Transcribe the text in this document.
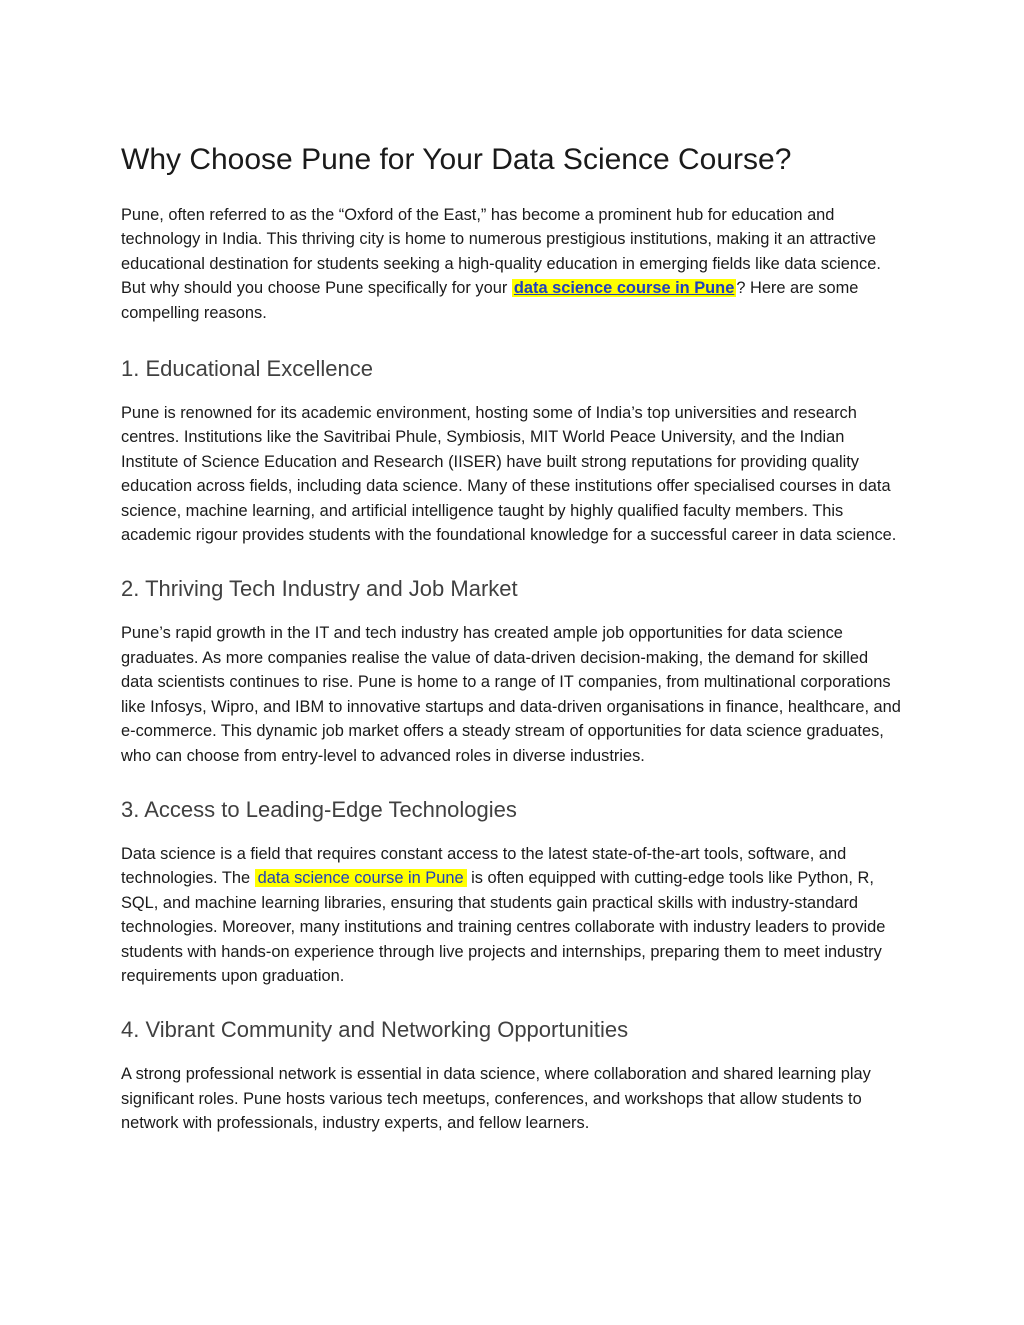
Why Choose Pune for Your Data Science Course?

Pune, often referred to as the “Oxford of the East,” has become a prominent hub for education and technology in India. This thriving city is home to numerous prestigious institutions, making it an attractive educational destination for students seeking a high-quality education in emerging fields like data science. But why should you choose Pune specifically for your data science course in Pune ? Here are some compelling reasons.

1. Educational Excellence

Pune is renowned for its academic environment, hosting some of India’s top universities and research centres. Institutions like the Savitribai Phule, Symbiosis, MIT World Peace University, and the Indian Institute of Science Education and Research (IISER) have built strong reputations for providing quality education across fields, including data science. Many of these institutions offer specialised courses in data science, machine learning, and artificial intelligence taught by highly qualified faculty members. This academic rigour provides students with the foundational knowledge for a successful career in data science.

2. Thriving Tech Industry and Job Market

Pune’s rapid growth in the IT and tech industry has created ample job opportunities for data science graduates. As more companies realise the value of data-driven decision-making, the demand for skilled data scientists continues to rise. Pune is home to a range of IT companies, from multinational corporations like Infosys, Wipro, and IBM to innovative startups and data-driven organisations in finance, healthcare, and e-commerce. This dynamic job market offers a steady stream of opportunities for data science graduates, who can choose from entry-level to advanced roles in diverse industries.

3. Access to Leading-Edge Technologies

Data science is a field that requires constant access to the latest state-of-the-art tools, software, and technologies. The data science course in Pune is often equipped with cutting-edge tools like Python, R, SQL, and machine learning libraries, ensuring that students gain practical skills with industry-standard technologies. Moreover, many institutions and training centres collaborate with industry leaders to provide students with hands-on experience through live projects and internships, preparing them to meet industry requirements upon graduation.

4. Vibrant Community and Networking Opportunities

A strong professional network is essential in data science, where collaboration and shared learning play significant roles. Pune hosts various tech meetups, conferences, and workshops that allow students to network with professionals, industry experts, and fellow learners.
